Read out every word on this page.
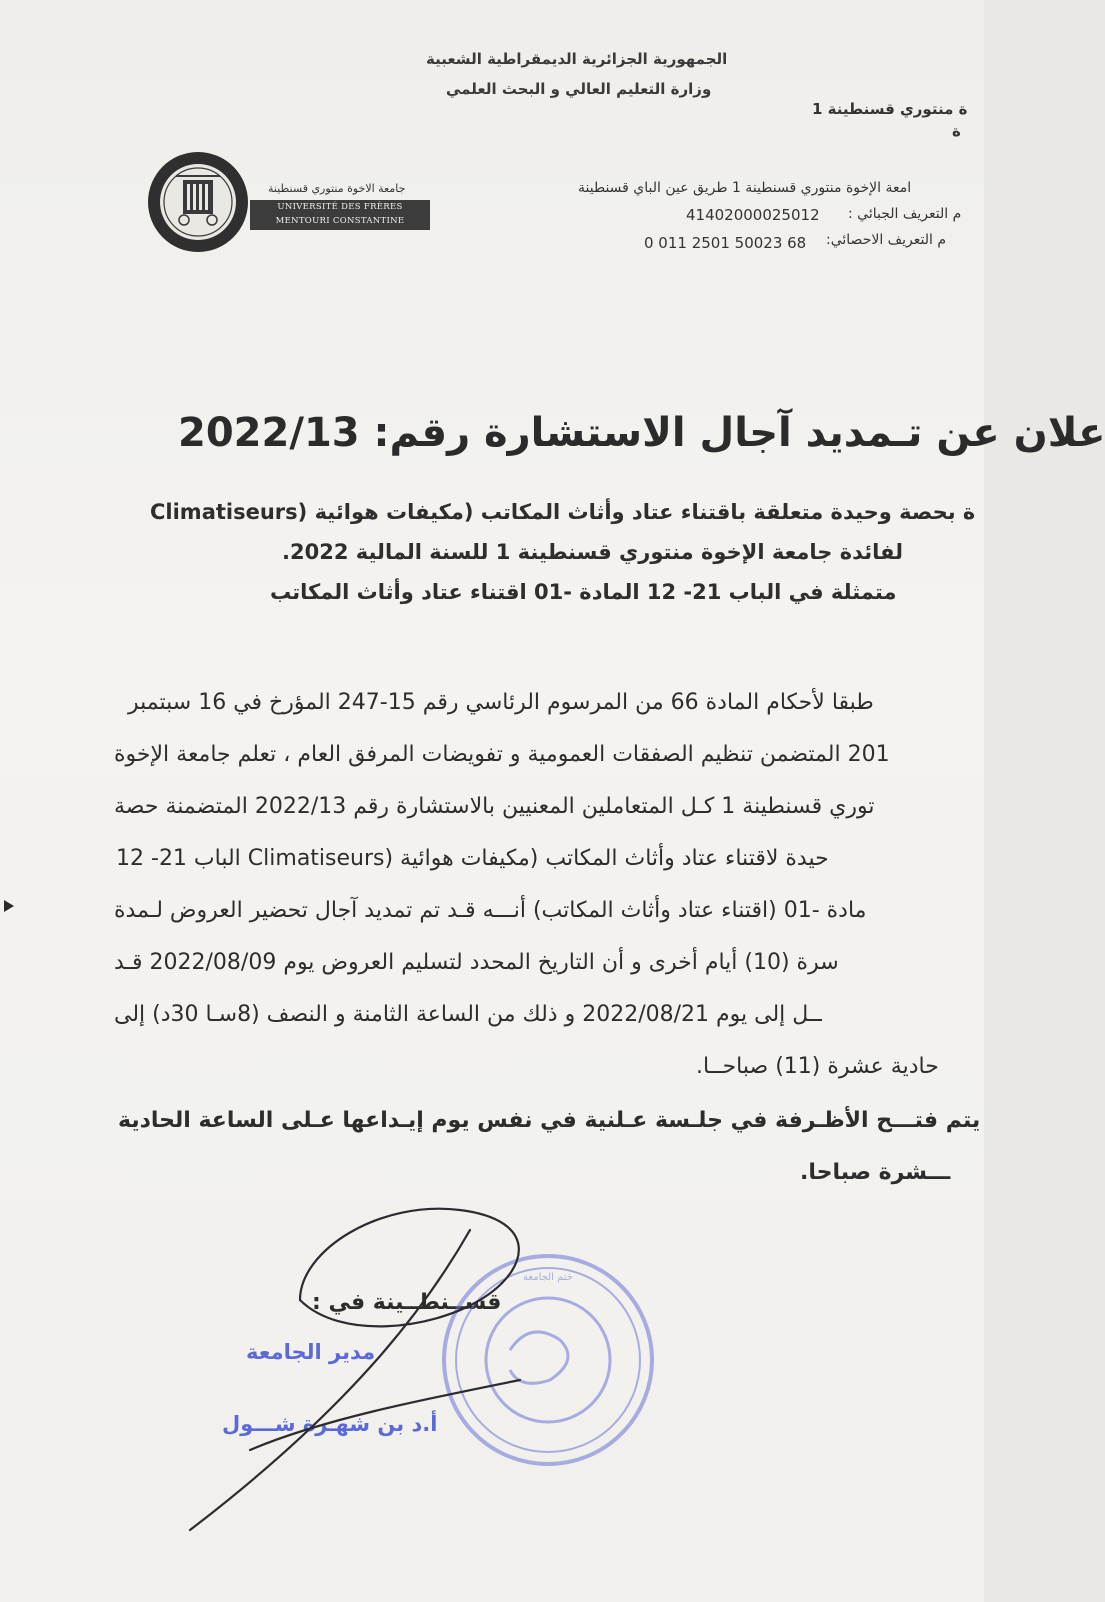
الجمهورية الجزائرية الديمقراطية الشعبية
وزارة التعليم العالي و البحث العلمي
ة منتوري قسنطينة 1
ة
امعة الإخوة منتوري قسنطينة 1 طريق عين الباي قسنطينة
41402000025012 م التعريف الجبائي :
0 011 2501 50023 68 م التعريف الاحصائي:
جامعة الاخوة منتوري قسنطينة
UNIVERSITÉ DES FRÈRES
MENTOURI CONSTANTINE
علان عن تـمديد آجال الاستشارة رقم: 2022/13
ة بحصة وحيدة متعلقة باقتناء عتاد وأثاث المكاتب (مكيفات هوائية (Climatiseurs
لفائدة جامعة الإخوة منتوري قسنطينة 1 للسنة المالية 2022.
متمثلة في الباب 21- 12 المادة -01 اقتناء عتاد وأثاث المكاتب
طبقا لأحكام المادة 66 من المرسوم الرئاسي رقم 15-247 المؤرخ في 16 سبتمبر
201 المتضمن تنظيم الصفقات العمومية و تفويضات المرفق العام ، تعلم جامعة الإخوة
توري قسنطينة 1 كـل المتعاملين المعنيين بالاستشارة رقم 2022/13 المتضمنة حصة
حيدة لاقتناء عتاد وأثاث المكاتب (مكيفات هوائية (Climatiseurs الباب 21- 12
مادة -01 (اقتناء عتاد وأثاث المكاتب) أنـــه قـد تم تمديد آجال تحضير العروض لـمدة
سرة (10) أيام أخرى و أن التاريخ المحدد لتسليم العروض يوم 2022/08/09 قـد
ــل إلى يوم 2022/08/21 و ذلك من الساعة الثامنة و النصف (8سـا 30د) إلى
حادية عشرة (11) صباحــا.
يتم فتـــح الأظـرفة في جلـسة عـلنية في نفس يوم إيـداعها عـلى الساعة الحادية
ـــشرة صباحا.
قســنطــينة في :
مدير الجامعة
أ.د بن شهـرة شـــول
ختم الجامعة
